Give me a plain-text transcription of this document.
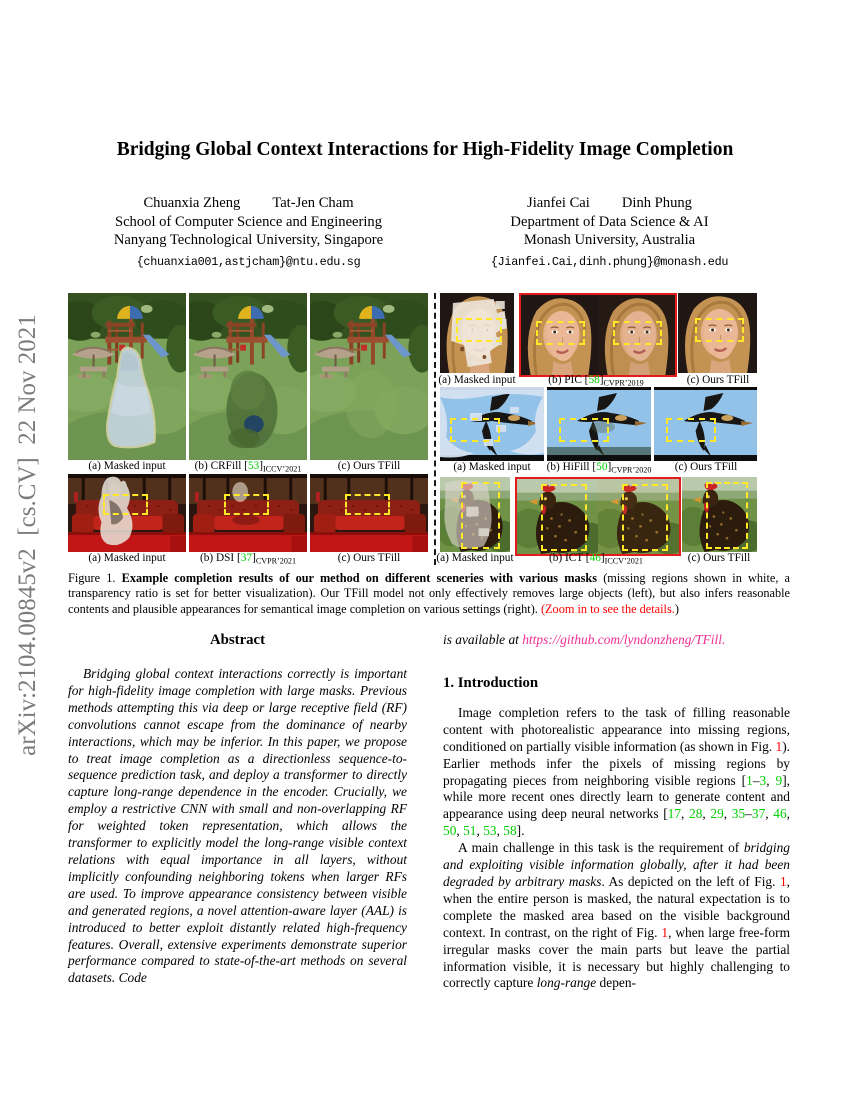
arXiv:2104.00845v2  [cs.CV]  22 Nov 2021
Bridging Global Context Interactions for High-Fidelity Image Completion
Chuanxia Zheng Tat-Jen Cham
School of Computer Science and Engineering
Nanyang Technological University, Singapore
{chuanxia001,astjcham}@ntu.edu.sg
Jianfei Cai Dinh Phung
Department of Data Science & AI
Monash University, Australia
{Jianfei.Cai,dinh.phung}@monash.edu
(a) Masked input	(b) CRFill $[53]_{ICCV’2021}$	(c) Ours TFill
(a) Masked input	(b) DSI $[37]_{CVPR’2021}$	(c) Ours TFill
(a) Masked input	(b) PIC $[58]_{CVPR’2019}$	(c) Ours TFill
(a) Masked input	(b) HiFill $[50]_{CVPR’2020}$	(c) Ours TFill
(a) Masked input	(b) ICT $[46]_{ICCV’2021}$	(c) Ours TFill
Figure 1. Example completion results of our method on different sceneries with various masks (missing regions shown in white, a transparency ratio is set for better visualization). Our TFill model not only effectively removes large objects (left), but also infers reasonable contents and plausible appearances for semantical image completion on various settings (right). (Zoom in to see the details.)
Abstract

Bridging global context interactions correctly is important for high-fidelity image completion with large masks. Previous methods attempting this via deep or large receptive field (RF) convolutions cannot escape from the dominance of nearby interactions, which may be inferior. In this paper, we propose to treat image completion as a directionless sequence-to-sequence prediction task, and deploy a transformer to directly capture long-range dependence in the encoder. Crucially, we employ a restrictive CNN with small and non-overlapping RF for weighted token representation, which allows the transformer to explicitly model the long-range visible context relations with equal importance in all layers, without implicitly confounding neighboring tokens when larger RFs are used. To improve appearance consistency between visible and generated regions, a novel attention-aware layer (AAL) is introduced to better exploit distantly related high-frequency features. Overall, extensive experiments demonstrate superior performance compared to state-of-the-art methods on several datasets. Code

is available at https://github.com/lyndonzheng/TFill.

1. Introduction

Image completion refers to the task of filling reasonable content with photorealistic appearance into missing regions, conditioned on partially visible information (as shown in Fig. 1). Earlier methods infer the pixels of missing regions by propagating pieces from neighboring visible regions [1–3, 9], while more recent ones directly learn to generate content and appearance using deep neural networks [17, 28, 29, 35–37, 46, 50, 51, 53, 58].

A main challenge in this task is the requirement of bridging and exploiting visible information globally, after it had been degraded by arbitrary masks. As depicted on the left of Fig. 1, when the entire person is masked, the natural expectation is to complete the masked area based on the visible background context. In contrast, on the right of Fig. 1, when large free-form irregular masks cover the main parts but leave the partial information visible, it is necessary but highly challenging to correctly capture long-range depen-
